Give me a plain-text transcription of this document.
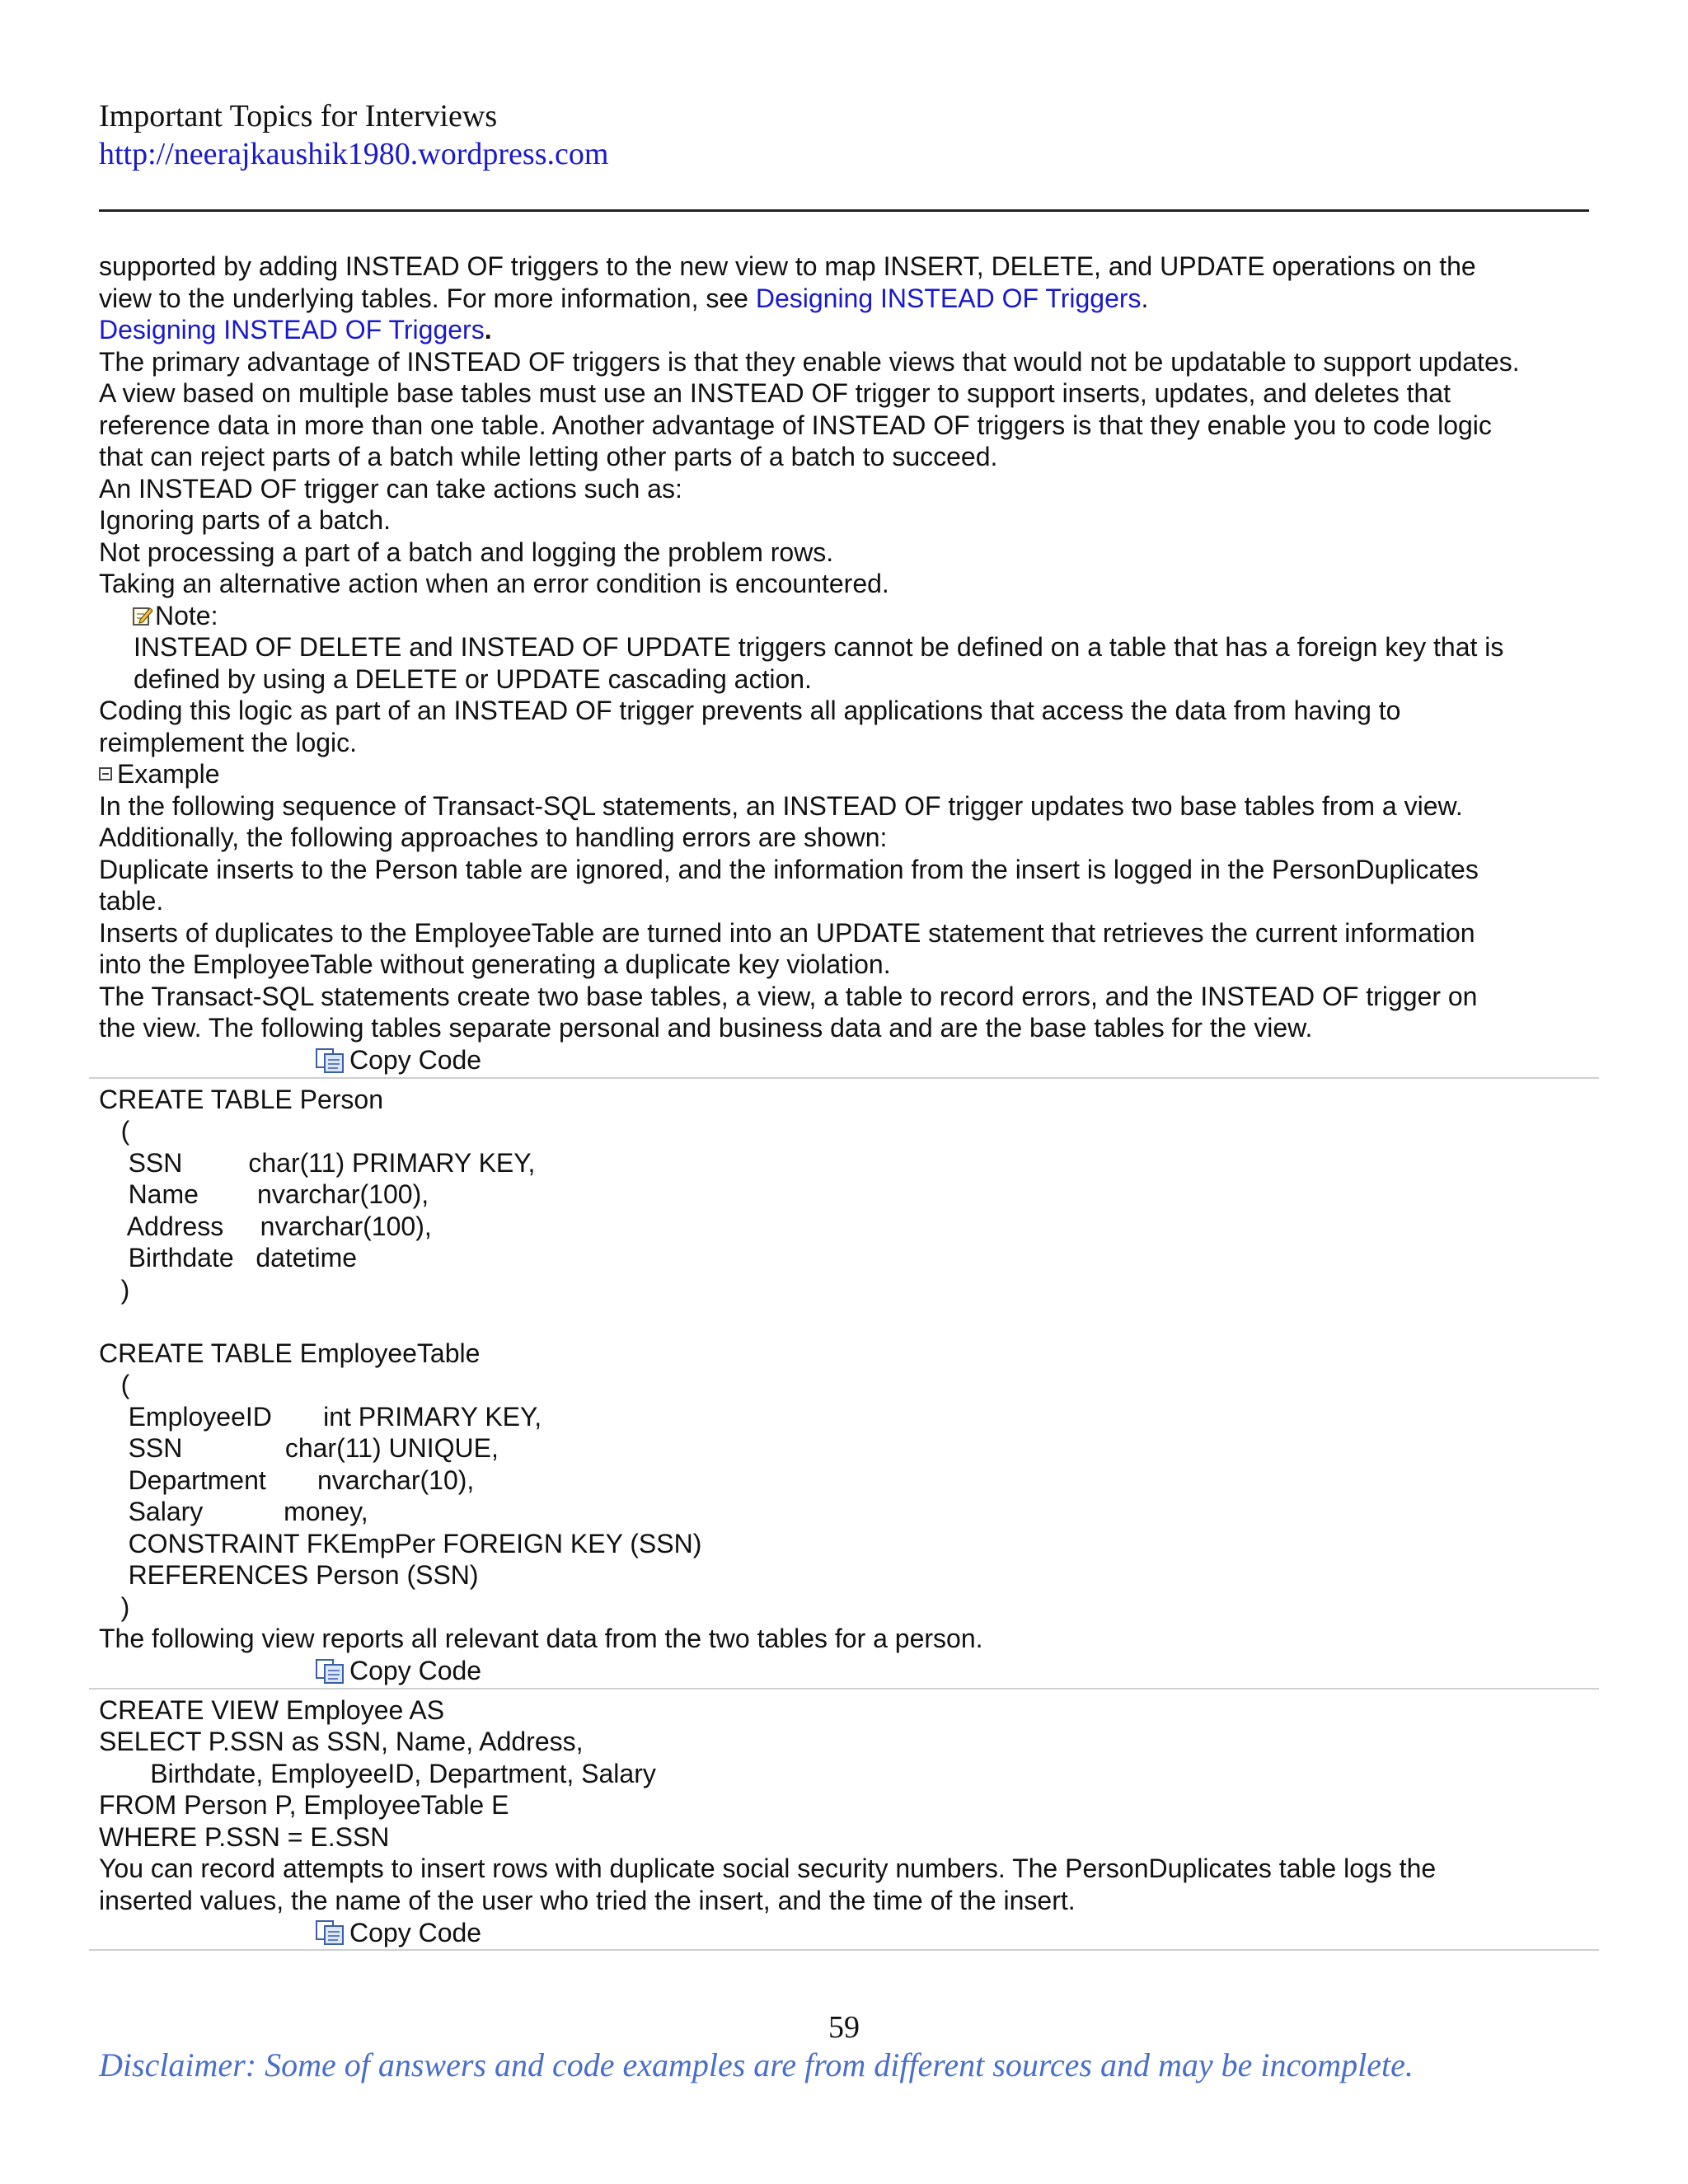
Important Topics for Interviews
http://neerajkaushik1980.wordpress.com
supported by adding INSTEAD OF triggers to the new view to map INSERT, DELETE, and UPDATE operations on the
view to the underlying tables. For more information, see Designing INSTEAD OF Triggers.
Designing INSTEAD OF Triggers.
The primary advantage of INSTEAD OF triggers is that they enable views that would not be updatable to support updates.
A view based on multiple base tables must use an INSTEAD OF trigger to support inserts, updates, and deletes that
reference data in more than one table. Another advantage of INSTEAD OF triggers is that they enable you to code logic
that can reject parts of a batch while letting other parts of a batch to succeed.
An INSTEAD OF trigger can take actions such as:
Ignoring parts of a batch.
Not processing a part of a batch and logging the problem rows.
Taking an alternative action when an error condition is encountered.
Note:
INSTEAD OF DELETE and INSTEAD OF UPDATE triggers cannot be defined on a table that has a foreign key that is
defined by using a DELETE or UPDATE cascading action.
Coding this logic as part of an INSTEAD OF trigger prevents all applications that access the data from having to
reimplement the logic.
Example
In the following sequence of Transact-SQL statements, an INSTEAD OF trigger updates two base tables from a view.
Additionally, the following approaches to handling errors are shown:
Duplicate inserts to the Person table are ignored, and the information from the insert is logged in the PersonDuplicates
table.
Inserts of duplicates to the EmployeeTable are turned into an UPDATE statement that retrieves the current information
into the EmployeeTable without generating a duplicate key violation.
The Transact-SQL statements create two base tables, a view, a table to record errors, and the INSTEAD OF trigger on
the view. The following tables separate personal and business data and are the base tables for the view.
Copy Code
CREATE TABLE Person
(
SSN         char(11) PRIMARY KEY,
Name        nvarchar(100),
Address     nvarchar(100),
Birthdate   datetime
)
CREATE TABLE EmployeeTable
(
EmployeeID       int PRIMARY KEY,
SSN              char(11) UNIQUE,
Department       nvarchar(10),
Salary           money,
CONSTRAINT FKEmpPer FOREIGN KEY (SSN)
REFERENCES Person (SSN)
)
The following view reports all relevant data from the two tables for a person.
Copy Code
CREATE VIEW Employee AS
SELECT P.SSN as SSN, Name, Address,
Birthdate, EmployeeID, Department, Salary
FROM Person P, EmployeeTable E
WHERE P.SSN = E.SSN
You can record attempts to insert rows with duplicate social security numbers. The PersonDuplicates table logs the
inserted values, the name of the user who tried the insert, and the time of the insert.
Copy Code
59
Disclaimer: Some of answers and code examples are from different sources and may be incomplete.
